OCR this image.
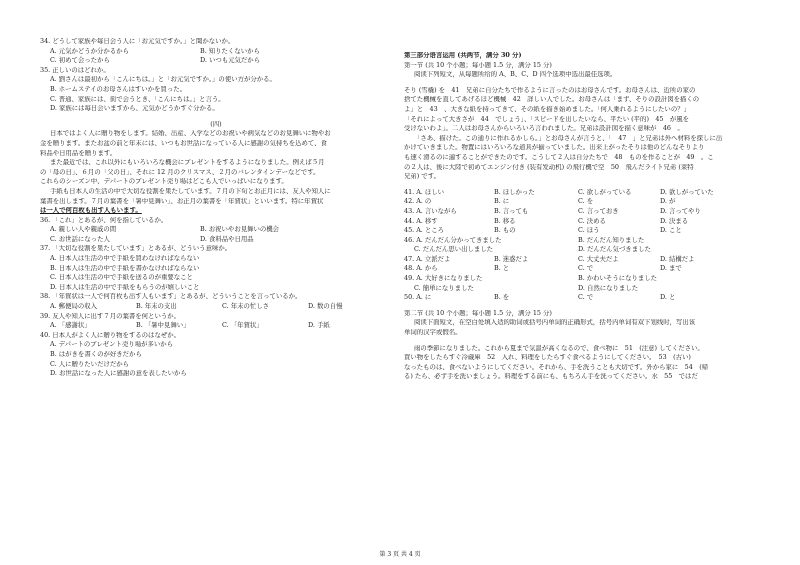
34. どうして家族や毎日会う人に「お元気ですか。」と聞かないか。
A. 元気かどうか分かるから	B. 知りたくないから
C. 初めて会ったから	D. いつも元気だから
35. 正しいのはどれか。
A. 劉さんは最初から「こんにちは。」と「お元気ですか。」の使い方が分かる。
B. ホームステイのお母さんはすいかを買った。
C. 普通、家族には、街で会うとき、「こんにちは。」と言う。
D. 家族には毎日会いますから、元気かどうかすぐ分かる。
(四)
日本ではよく人に贈り物をします。結婚、出産、入学などのお祝いや病気などのお見舞いに物やお
金を贈ります。またお盆の前と年末には、いつもお世話になっている人に感謝の気持ちを込めて、食
料品や日用品を贈ります。
また最近では、これ以外にもいろいろな機会にプレゼントをするようになりました。例えば５月
の「母の日」、６月の「父の日」、それに 12 月のクリスマス、２月のバレンタインデーなどです。
これらのシーズン中、デパートのプレゼント売り場はどこも人でいっぱいになります。
手紙も日本人の生活の中で大切な役割を果たしています。７月の下旬とお正月には、友人や知人に
葉書を出します。７月の葉書を「暑中見舞い」、お正月の葉書を「年賀状」といいます。特に年賀状
は一人で何百枚も出す人もいます。
36. 「これ」とあるが、何を指しているか。
A. 親しい人や親戚の間	B. お祝いやお見舞いの機会
C. お世話になった人	D. 食料品や日用品
37. 「大切な役割を果たしています」とあるが、どういう意味か。
A. 日本人は生活の中で手紙を買わなければならない
B. 日本人は生活の中で手紙を書かなければならない
C. 日本人は生活の中で手紙を送るのが重要なこと
D. 日本人は生活の中で手紙をもらうのが嬉しいこと
38. 「年賀状は一人で何百枚も出す人もいます」とあるが、どういうことを言っているか。
A. 郵便局の収入	B. 年末の支出	C. 年末の忙しさ	D. 数の自慢
39. 友人や知人に出す７月の葉書を何というか。
A. 「感謝状」	B. 「暑中見舞い」	C. 「年賀状」	D. 手紙
40. 日本人がよく人に贈り物をするのはなぜか。
A. デパートのプレゼント売り場が多いから
B. はがきを書くのが好きだから
C. 人に贈りたいだけだから
D. お世話になった人に感謝の意を表したいから
第三部分语言运用 (共两节，满分 30 分)
第一节 (共 10 个小题；每小题 1.5 分，满分 15 分)
阅读下列短文，从每题所给的 A、B、C、D 四个选项中选出最佳选项。
そり (雪橇) を　41　兄弟に自分たちで作るように言ったのはお母さんです。お母さんは、近所の家の
捨てた機械を直してあげるほど機械　42　詳しい人でした。お母さんは「まず、そりの設計図を描くの
よ」と　43　、大きな紙を持ってきて、その紙を描き始めました。「何人乗れるようにしたいの？」
「それによって大きさが　44　でしょう」、「スピードを出したいなら、平たい (平的)　45　が風を
受けないわよ」。二人はお母さんからいろいろ言われました。兄弟は設計図を描く意味が　46　。
「さあ、描けた。この通りに作れるかしら。」とお母さんが言うと、「　47　」と兄弟は外へ材料を探しに出
かけていきました。物置にはいろいろな道具が揃っていました。出来上がったそりは他のどんなそりより
も速く滑るのに適することができたのです。こうして２人は自分たちで　48　ものを作ることが　49　。こ
の２人は、後に大陸で初めてエンジン付き (装有发动机) の飛行機で空　50　飛んだライト兄弟 (莱特
兄弟) です。
41. A. ほしい	B. ほしかった	C. 欲しがっている	D. 欲しがっていた
42. A. の	B. に	C. を	D. が
43. A. 言いながら	B. 言っても	C. 言っておき	D. 言ってやり
44. A. 移す	B. 移る	C. 決める	D. 決まる
45. A. ところ	B. もの	C. ほう	D. こと
46. A. だんだん分かってきました	B. だんだん知りました
C. だんだん思い出しました	D. だんだん気づきました
47. A. 立派だよ	B. 迷惑だよ	C. 大丈夫だよ	D. 結構だよ
48. A. から	B. と	C. で	D. まで
49. A. 大好きになりました	B. かわいそうになりました
C. 簡単になりました	D. 自然になりました
50. A. に	B. を	C. で	D. と
第二节 (共 10 个小题；每小题 1.5 分，满分 15 分)
阅读下面短文，在空白处填入适的助词或括号内单词的正确形式，括号内单词有双下划线时，写出该
单词的汉字或假名。
雨の季節になりました。これから夏まで気温が高くなるので、食べ物に　51　(注意) してください。
買い物をしたらすぐ冷蔵庫　52　入れ、料理をしたらすぐ食べるようにしてください。　53　(古い)
なったものは、食べないようにしてください。それから、手を洗うことも大切です。外から家に　54　(帰
る) たら、必ず手を洗いましょう。料理をする前にも、もちろん手を洗ってください。水　55　ではだ
第 3 页 共 4 页
